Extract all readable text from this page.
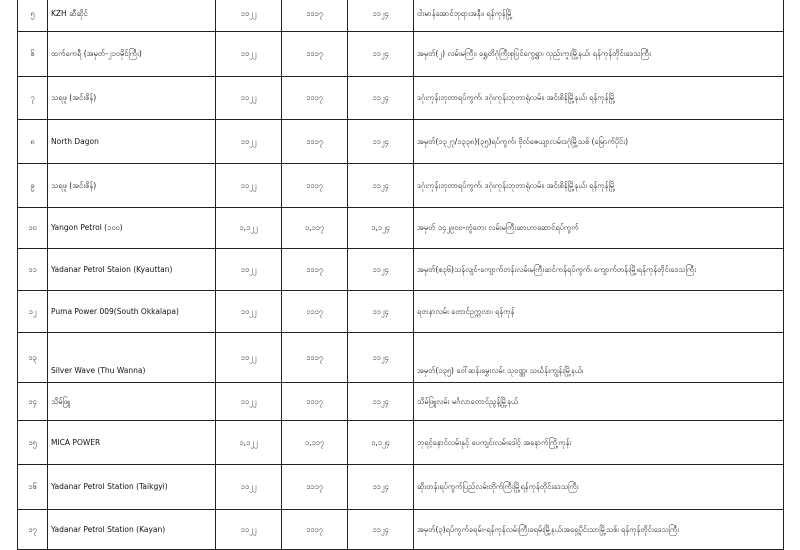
၅	KZH ဆီဆိုင်	၁၁၂၂	၁၁၁၇	၁၁၂၄	ငါးမာန်အောင်ဘုရားအနီး၊ ရန်ကုန်မြို့
၆	ထက်ကေရီ (အမှတ်-၂၁၀မိုင်ကြီး)	၁၁၂၂	၁၁၁၇	၁၁၂၄	အမှတ်(၂) လမ်းမကြီး၊ ရွှေတိဂုံကြီးစုပြင်ကွေ့ရွာ၊ လှည်းကူးမြို့နယ်၊ ရန်ကုန်တိုင်းဒေသကြီး
၇	သရဖူ (အင်းစိန်)	၁၁၂၂	၁၁၁၇	၁၁၂၄	ဒဂုံးကုန်းဘုတာရပ်ကွက်၊ ဒဂုံးကုန်းဘုတာရုံလမ်း၊ အင်းစိန်မြို့နယ်၊ ရန်ကုန်မြို့
၈	North Dagon	၁၁၂၂	၁၁၁၇	၁၁၂၄	အမှတ်(၁၃၂၇/၁၃၃၈)(၃၅)ရပ်ကွက်၊ ဗိုလ်ဇေယျာလမ်းဒဂုံမြို့သစ် (မြောက်ပိုင်း)
၉	သရဖူ (အင်းစိန်)	၁၁၂၂	၁၁၁၇	၁၁၂၄	ဒဂုံးကုန်းဘုတာရပ်ကွက်၊ ဒဂုံးကုန်းဘုတာရုံလမ်း၊ အင်းစိန်မြို့နယ်၊ ရန်ကုန်မြို့
၁၀	Yangon Petrol (၁၀၀)	၁,၁၂၂	၁,၁၁၇	၁,၁၂၄	အမှတ် ၁၄၂၉၀၀-တွံတေး လမ်းမကြီးဆာဟာဆောင်ရပ်ကွက်
၁၁	Yadanar Petrol Staion (Kyauttan)	၁၁၂၂	၁၁၁၇	၁၁၂၄	အမှတ်(စ၃၆)သန်လျင်-ကျောက်တန်းလမ်းမကြီးဆင်ကန်ရပ်ကွက်၊ ကျောက်တန်းမြို့၊ရန်ကုန်တိုင်းဒေသကြီး
၁၂	Puma Power 009(South Okkalapa)	၁၁၂၂	၁၁၁၇	၁၁၂၄	ရတနာလမ်း တောင်ဥက္ကလာ၊ ရန်ကုန်
၁၃	Silver Wave (Thu Wanna)	၁၁၂၂	၁၁၁၇	၁၁၂၄	အမှတ်(၁၃၅) ဝေါ်ဆန်းမွှေးလမ်း သုဝဏ္ဏ၊ သင်္ဃန်းကျွန်းမြို့နယ်၊
၁၄	သိမ်ဖြူ	၁၁၂၂	၁၁၁၇	၁၁၂၄	သိမ်ဖြူလမ်း မင်္ဂလာတောင်ညွန့်မြို့နယ်
၁၅	MICA POWER	၁,၁၂၂	၁,၁၁၇	၁,၁၂၄	ဘုရင့်နောင်လမ်းနှင့် ပေကျင်းလမ်းဒေါင့် အနောက်ကြို့ကုန်း
၁၆	Yadanar Petrol Station (Taikgyi)	၁၁၂၂	၁၁၁၇	၁၁၂၄	ဆိုးတန်းရပ်ကွက်ပြည်လမ်းတိုက်ကြီးမြို့ရန်ကုန်တိုင်းဒေသကြီး
၁၇	Yadanar Petrol Station (Kayan)	၁၁၂၂	၁၁၁၇	၁၁၂၄	အမှတ်(၃)ရပ်ကွက်ခရမ်း-ရန်ကုန်လမ်းကြီးခရမ်းမြို့နယ်၊အရှေ့ပိုင်းသာမြို့သစ်၊ ရန်ကုန်တိုင်းဒေသကြီး
